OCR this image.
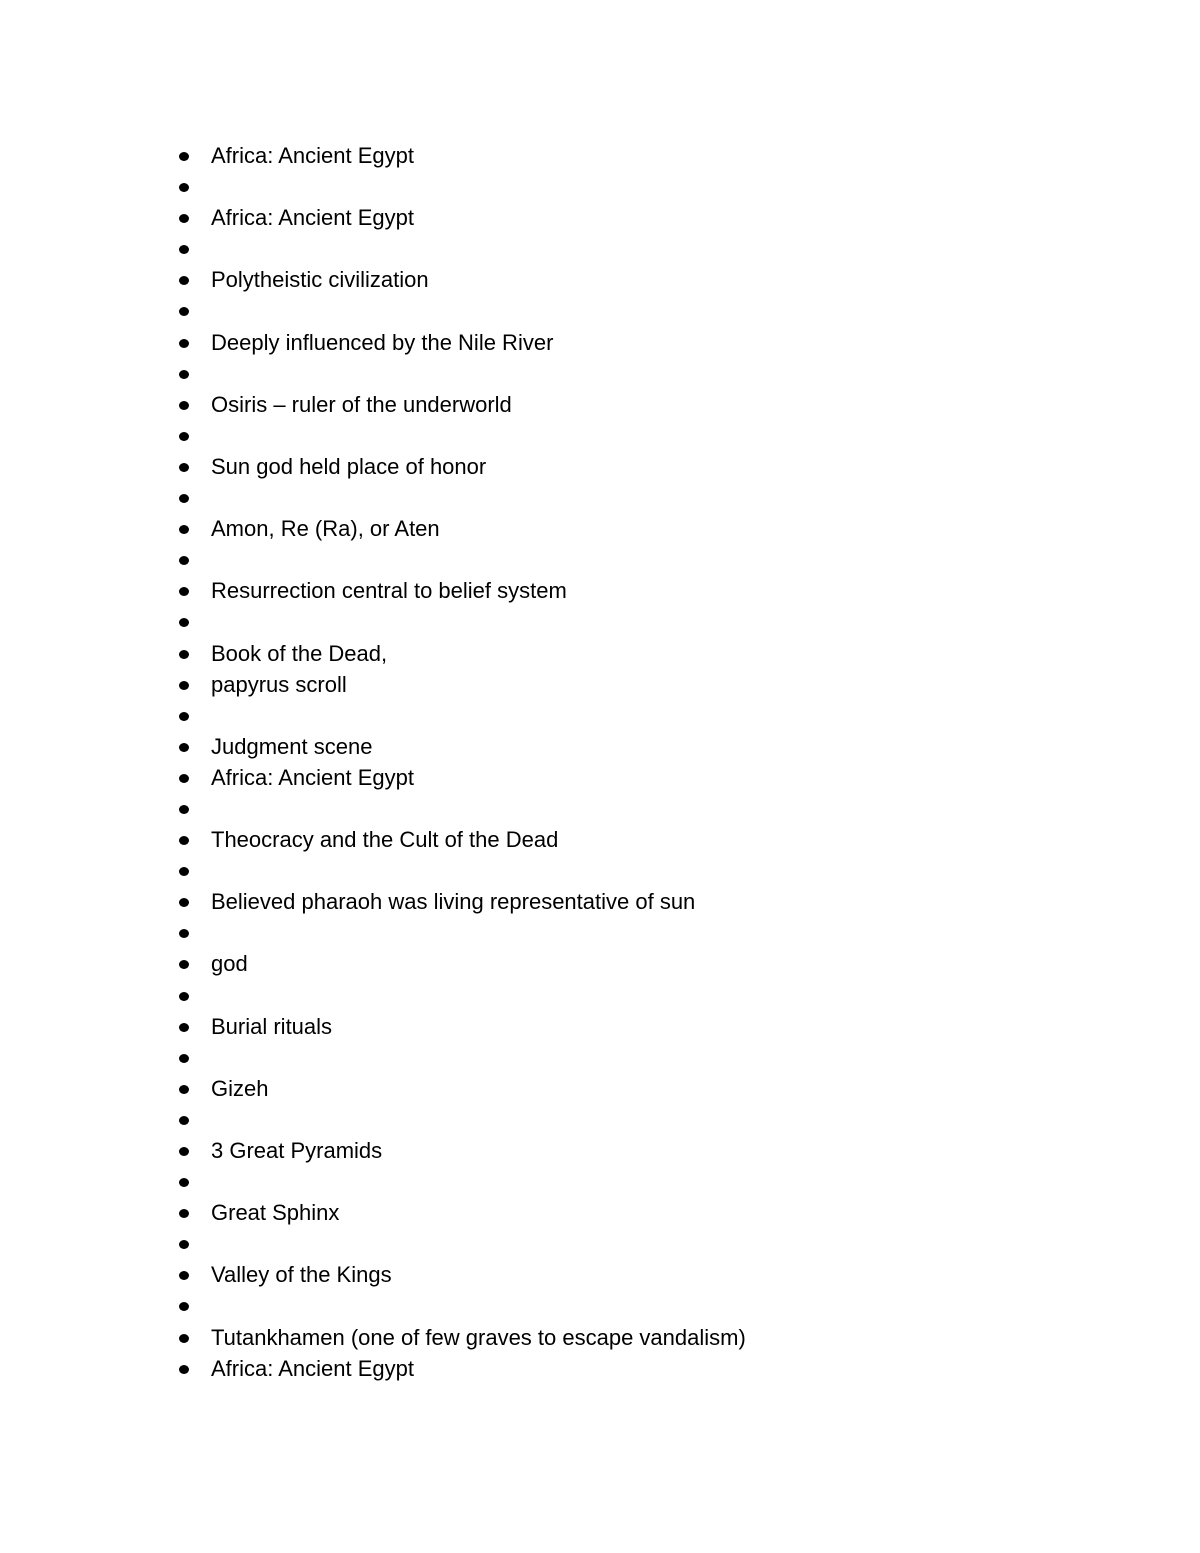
Africa: Ancient Egypt
Africa: Ancient Egypt
Polytheistic civilization
Deeply influenced by the Nile River
Osiris – ruler of the underworld
Sun god held place of honor
Amon, Re (Ra), or Aten
Resurrection central to belief system
Book of the Dead,
papyrus scroll
Judgment scene
Africa: Ancient Egypt
Theocracy and the Cult of the Dead
Believed pharaoh was living representative of sun
god
Burial rituals
Gizeh
3 Great Pyramids
Great Sphinx
Valley of the Kings
Tutankhamen (one of few graves to escape vandalism)
Africa: Ancient Egypt
